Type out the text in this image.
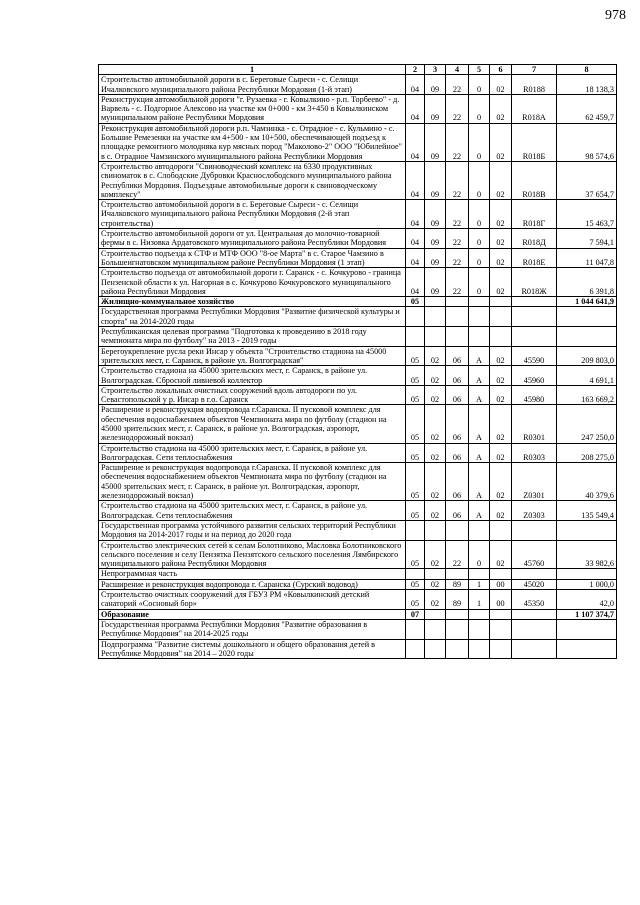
978
1	2	3	4	5	6	7	8
Строительство автомобильной дороги в с. Береговые Сыреси - с. Селищи Ичалковского муниципального района Республики Мордовия (1-й этап)	04	09	22	0	02	R0188	18 138,3
Реконструкция автомобильной дороги "г. Рузаевка - г. Ковылкино - р.п. Торбеево" - д. Варвель - с. Подгорное Алексово на участке км 0+000 - км 3+450 в Ковылкинском муниципальном районе Республики Мордовия	04	09	22	0	02	R018А	62 459,7
Реконструкция автомобильной дороги р.п. Чамзинка - с. Отрадное - с. Кульмино - с. Большие Ремезенки на участке км 4+500 - км 10+500, обеспечивающей подъезд к площадке ремонтного молодняка кур мясных пород "Маколово-2" ООО "Юбилейное" в с. Отрадное Чамзинского муниципального района Республики Мордовия	04	09	22	0	02	R018Б	98 574,6
Строительство автодороги "Свиноводческий комплекс на 6330 продуктивных свиноматок в с. Слободские Дубровки Краснослободского муниципального района Республики Мордовия. Подъездные автомобильные дороги к свиноводческому комплексу"	04	09	22	0	02	R018В	37 654,7
Строительство автомобильной дороги в с. Береговые Сыреси - с. Селищи Ичалковского муниципального района Республики Мордовия (2-й этап строительства)	04	09	22	0	02	R018Г	15 463,7
Строительство автомобильной дороги от ул. Центральная до молочно-товарной фермы в с. Низовка Ардатовского муниципального района Республики Мордовия	04	09	22	0	02	R018Д	7 594,1
Строительство подъезда к СТФ и МТФ ООО "8-ое Марта" в с. Старое Чамзино в Большеигнатовском муниципальном районе Республики Мордовия (1 этап)	04	09	22	0	02	R018Е	11 047,8
Строительство подъезда от автомобильной дороги г. Саранск - с. Кочкурово - граница Пензенской области к ул. Нагорная в с. Кочкурово Кочкуровского муниципального района Республики Мордовия	04	09	22	0	02	R018Ж	6 391,8
Жилищно-коммунальное хозяйство	05						1 044 641,9
Государственная программа Республики Мордовия "Развитие физической культуры и спорта" на 2014-2020 годы							
Республиканская целевая программа "Подготовка к проведению в 2018 году чемпионата мира по футболу" на 2013 - 2019 годы							
Берегоукрепление русла реки Инсар у объекта "Строительство стадиона на 45000 зрительских мест, г. Саранск, в районе ул. Волгоградская"	05	02	06	А	02	45590	209 803,0
Строительство стадиона на 45000 зрительских мест, г. Саранск, в районе ул. Волгоградская. Сбросной ливневой коллектор	05	02	06	А	02	45960	4 691,1
Строительство локальных очистных сооружений вдоль автодороги по ул. Севастопольской у р. Инсар в г.о. Саранск	05	02	06	А	02	45980	163 669,2
Расширение и реконструкция водопровода г.Саранска. II пусковой комплекс для обеспечения водоснабжением объектов Чемпионата мира по футболу (стадион на 45000 зрительских мест, г. Саранск, в районе ул. Волгоградская, аэропорт, железнодорожный вокзал)	05	02	06	А	02	R0301	247 250,0
Строительство стадиона на 45000 зрительских мест, г. Саранск, в районе ул. Волгоградская. Сети теплоснабжения	05	02	06	А	02	R0303	208 275,0
Расширение и реконструкция водопровода г.Саранска. II пусковой комплекс для обеспечения водоснабжением объектов Чемпионата мира по футболу (стадион на 45000 зрительских мест, г. Саранск, в районе ул. Волгоградская, аэропорт, железнодорожный вокзал)	05	02	06	А	02	Z0301	40 379,6
Строительство стадиона на 45000 зрительских мест, г. Саранск, в районе ул. Волгоградская. Сети теплоснабжения	05	02	06	А	02	Z0303	135 549,4
Государственная программа устойчивого развития сельских территорий Республики Мордовия на 2014-2017 годы и на период до 2020 года							
Строительство электрических сетей к селам Болотниково, Масловка Болотниковского сельского поселения и селу Пензятка Пензятского сельского поселения Лямбирского муниципального района Республики Мордовия	05	02	22	0	02	45760	33 982,6
Непрограммная часть							
Расширение и реконструкция водопровода г. Саранска (Сурский водовод)	05	02	89	1	00	45020	1 000,0
Строительство очистных сооружений для ГБУЗ РМ «Ковылкинский детский санаторий «Сосновый бор»	05	02	89	1	00	45350	42,0
Образование	07						1 107 374,7
Государственная программа Республики Мордовия "Развитие образования в Республике Мордовия" на 2014-2025 годы							
Подпрограмма "Развитие системы дошкольного и общего образования детей в Республике Мордовия" на 2014 – 2020 годы							
